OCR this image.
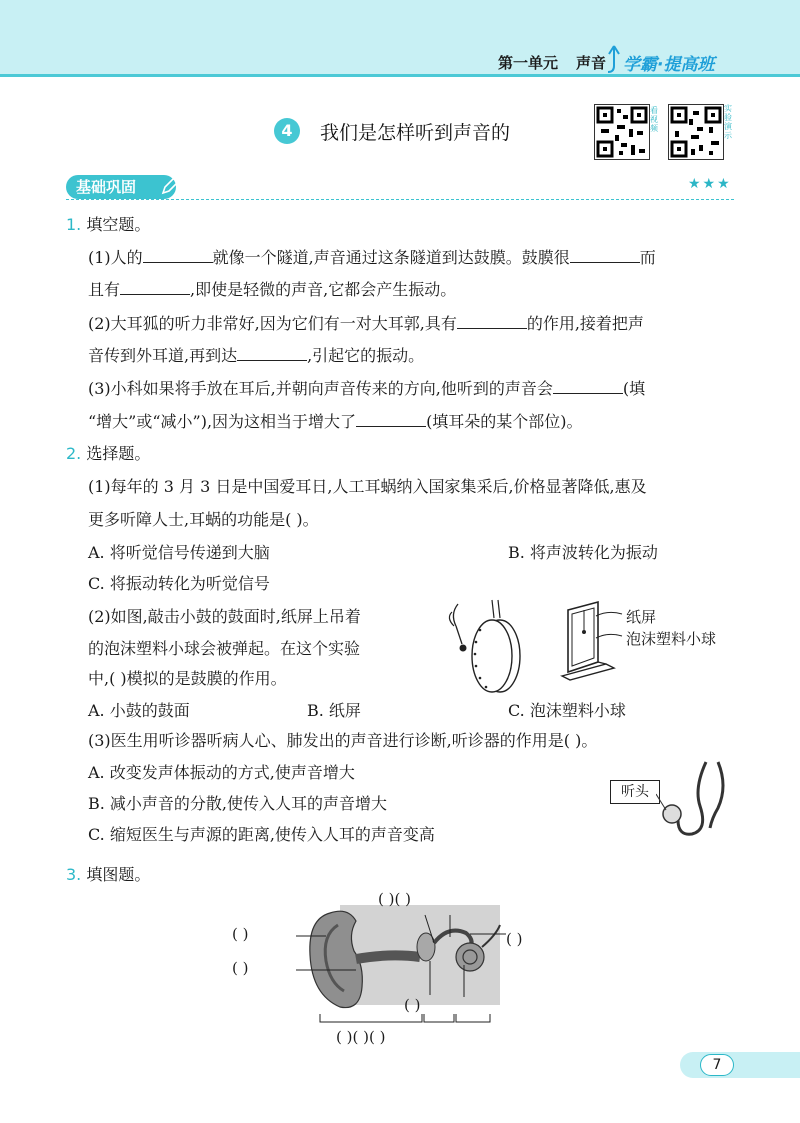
第一单元 声音 学霸·提高班
4	我们是怎样听到声音的
看视频
实验演示
基础巩固	★★★
1. 填空题。
(1)人的	就像一个隧道,声音通过这条隧道到达鼓膜。鼓膜很	而
且有	,即使是轻微的声音,它都会产生振动。
(2)大耳狐的听力非常好,因为它们有一对大耳郭,具有	的作用,接着把声
音传到外耳道,再到达	,引起它的振动。
(3)小科如果将手放在耳后,并朝向声音传来的方向,他听到的声音会	(填
“增大”或“减小”),因为这相当于增大了	(填耳朵的某个部位)。
2. 选择题。
(1)每年的 3 月 3 日是中国爱耳日,人工耳蜗纳入国家集采后,价格显著降低,惠及
更多听障人士,耳蜗的功能是( )。
A. 将听觉信号传递到大脑	B. 将声波转化为振动
C. 将振动转化为听觉信号
(2)如图,敲击小鼓的鼓面时,纸屏上吊着
的泡沫塑料小球会被弹起。在这个实验
中,( )模拟的是鼓膜的作用。
纸屏
泡沫塑料小球
A. 小鼓的鼓面	B. 纸屏	C. 泡沫塑料小球
(3)医生用听诊器听病人心、肺发出的声音进行诊断,听诊器的作用是( )。
A. 改变发声体振动的方式,使声音增大
B. 减小声音的分散,使传入人耳的声音增大
C. 缩短医生与声源的距离,使传入人耳的声音变高
听头
3. 填图题。
( )( )
( )
( )
( )
( )
( )( )( )
7
